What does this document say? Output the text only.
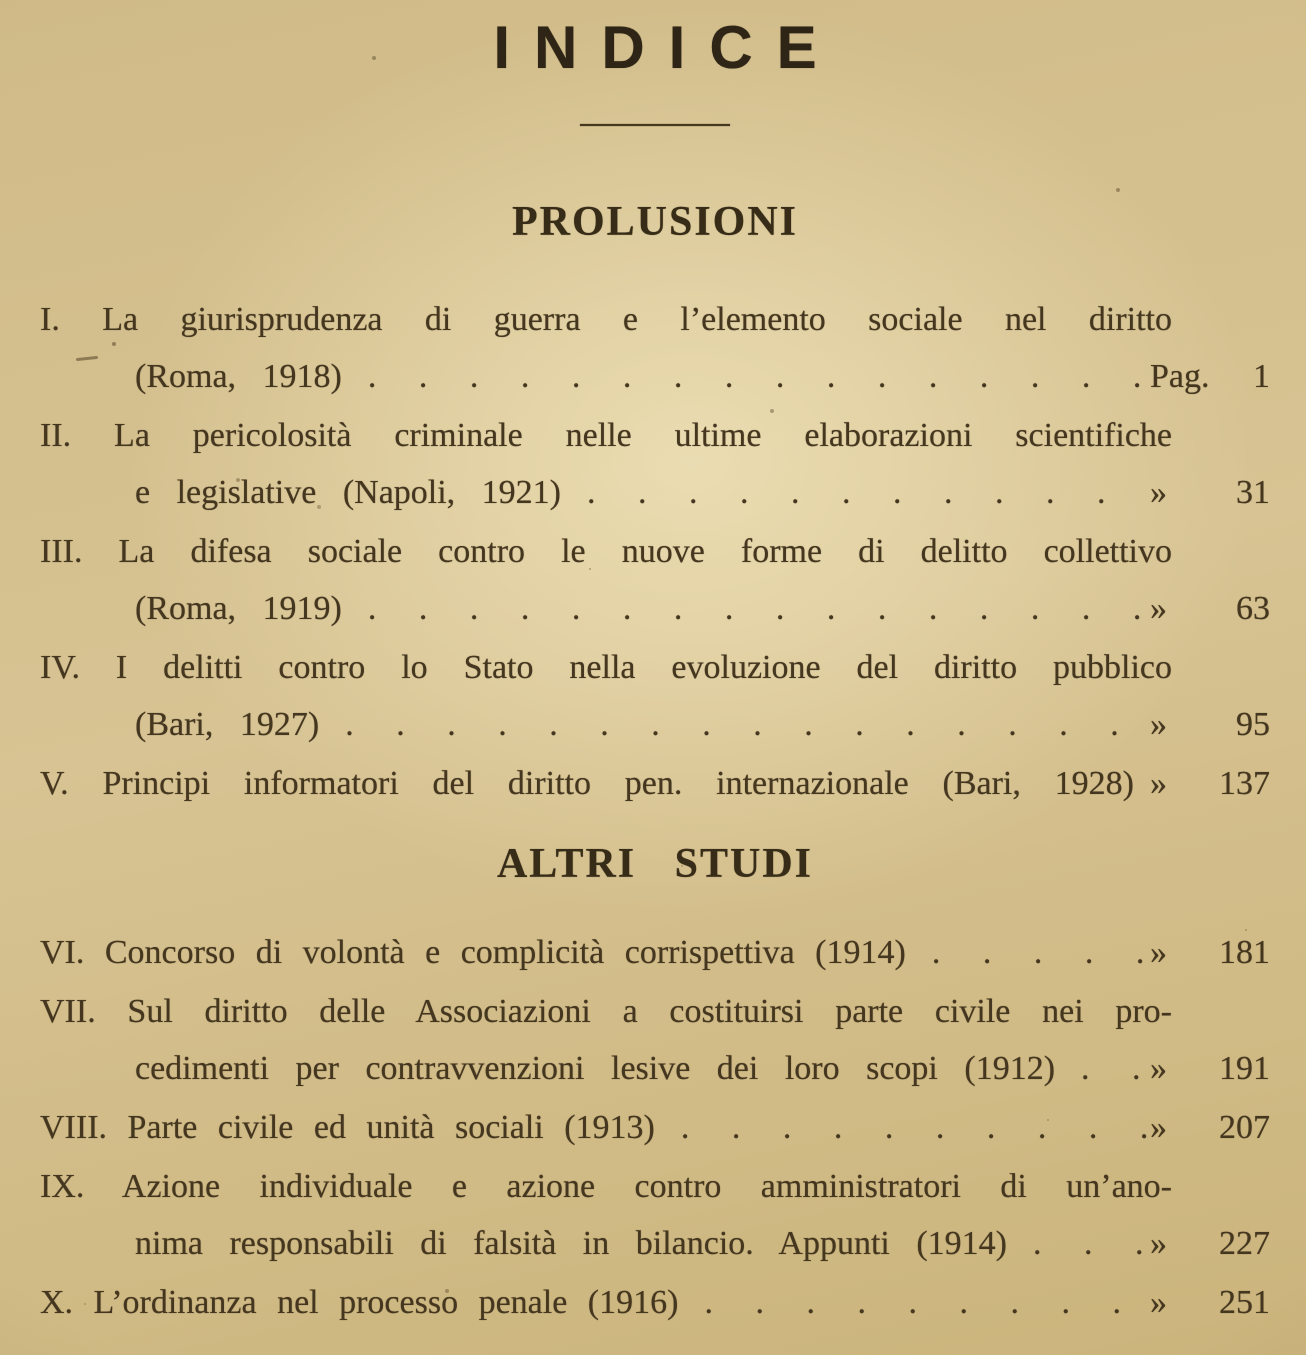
INDICE
PROLUSIONI
I. La giurisprudenza di guerra e l’elemento sociale nel diritto
(Roma, 1918) . . .	Pag. 1
II. La pericolosità criminale nelle ultime elaborazioni scientifiche
e legislative (Napoli, 1921) . . .	» 31
III. La difesa sociale contro le nuove forme di delitto collettivo
(Roma, 1919) . . .	» 63
IV. I delitti contro lo Stato nella evoluzione del diritto pubblico
(Bari, 1927) . . .	» 95
V. Principi informatori del diritto pen. internazionale (Bari, 1928) » 137
ALTRI STUDI
VI. Concorso di volontà e complicità corrispettiva (1914) . . .	» 181
VII. Sul diritto delle Associazioni a costituirsi parte civile nei pro-
cedimenti per contravvenzioni lesive dei loro scopi (1912) . . .	» 191
VIII. Parte civile ed unità sociali (1913) . . .	» 207
IX. Azione individuale e azione contro amministratori di un’ano-
nima responsabili di falsità in bilancio. Appunti (1914) . . .	» 227
X. L’ordinanza nel processo penale (1916) . . .	» 251
